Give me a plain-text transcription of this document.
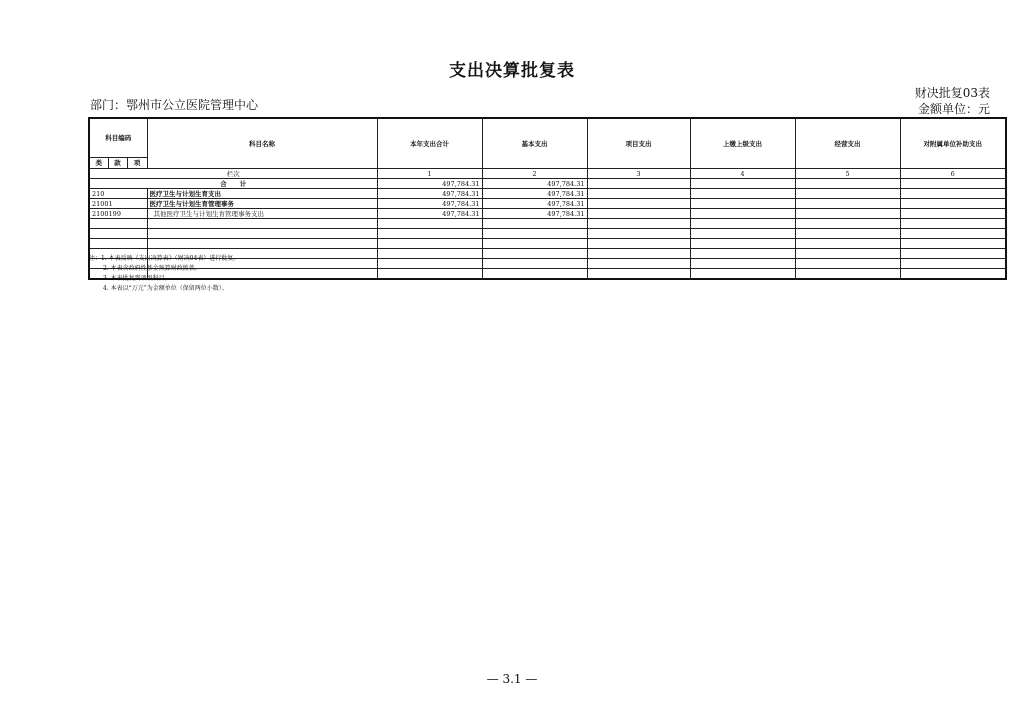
支出决算批复表
财决批复03表
部门：鄂州市公立医院管理中心	金额单位：元
科目编码			科目名称	本年支出合计	基本支出	项目支出	上缴上级支出	经营支出	对附属单位补助支出
类	款	项							
栏次				1	2	3	4	5	6
合　　计				497,784.31	497,784.31				
210			医疗卫生与计划生育支出	497,784.31	497,784.31				
21001			医疗卫生与计划生育管理事务	497,784.31	497,784.31				
2100199			其他医疗卫生与计划生育管理事务支出	497,784.31	497,784.31				

注：1. 本表反映《支出决算表》（财决04表）进行批复。
2. 本表含政府性基金预算财政拨款。
3. 本表批复到项级科目。
4. 本表以“万元”为金额单位（保留两位小数）。
— 3.1 —
